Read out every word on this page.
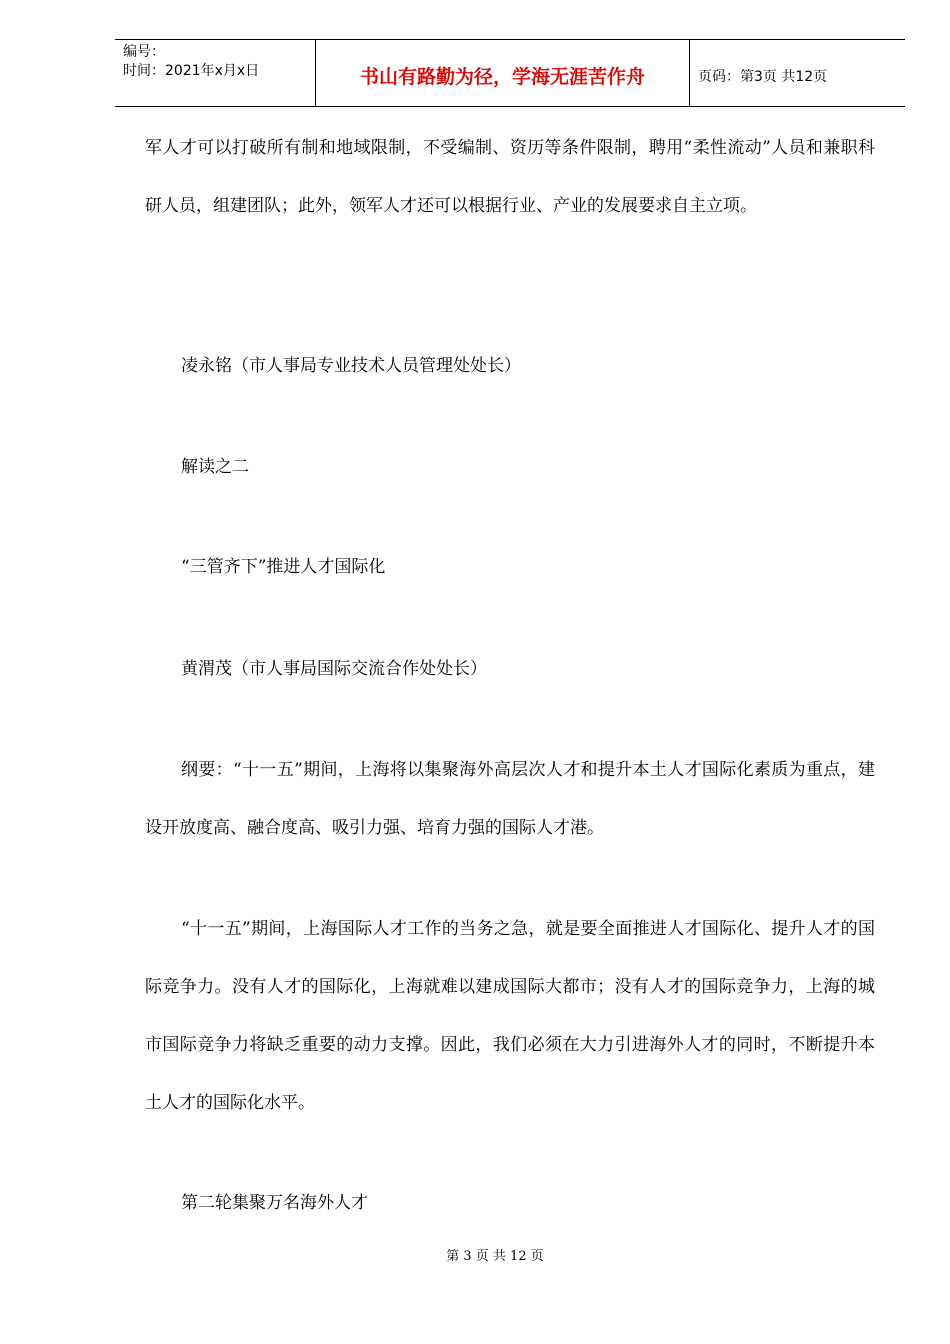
编号：
时间：2021年x月x日	书山有路勤为径，学海无涯苦作舟	页码：第3页 共12页

军人才可以打破所有制和地域限制，不受编制、资历等条件限制，聘用“柔性流动”人员和兼职科研人员，组建团队；此外，领军人才还可以根据行业、产业的发展要求自主立项。

凌永铭（市人事局专业技术人员管理处处长）

解读之二

“三管齐下”推进人才国际化

黄渭茂（市人事局国际交流合作处处长）

纲要：“十一五”期间，上海将以集聚海外高层次人才和提升本土人才国际化素质为重点，建设开放度高、融合度高、吸引力强、培育力强的国际人才港。

“十一五”期间，上海国际人才工作的当务之急，就是要全面推进人才国际化、提升人才的国际竞争力。没有人才的国际化，上海就难以建成国际大都市；没有人才的国际竞争力，上海的城市国际竞争力将缺乏重要的动力支撑。因此，我们必须在大力引进海外人才的同时，不断提升本土人才的国际化水平。

第二轮集聚万名海外人才

第 3 页 共 12 页
